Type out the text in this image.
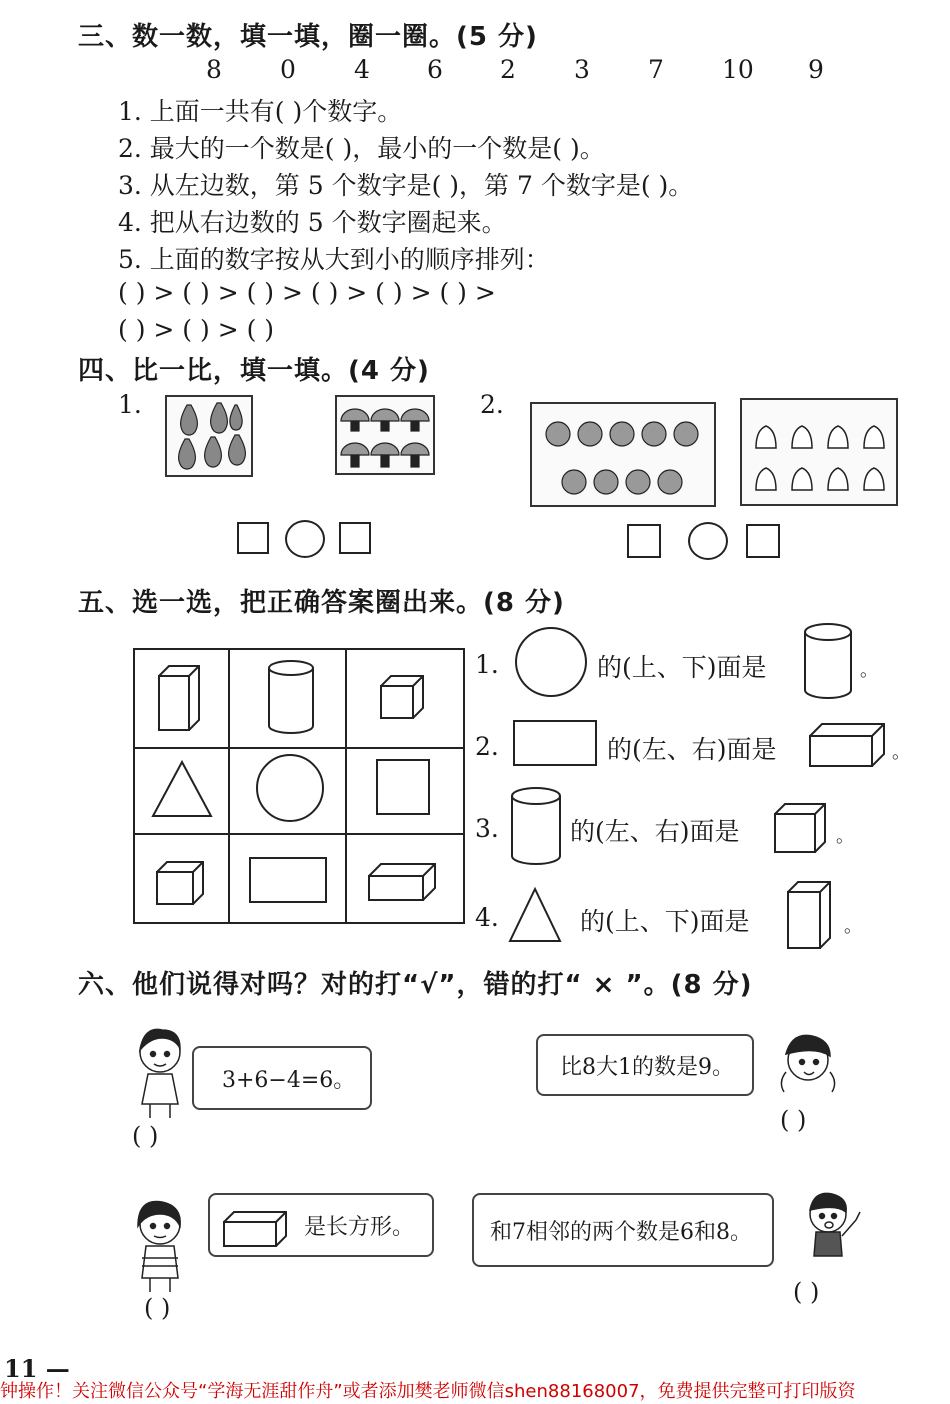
三、数一数，填一填，圈一圈。(5 分)
8 0 4 6 2 3 7 10 9
1. 上面一共有( )个数字。
2. 最大的一个数是( )，最小的一个数是( )。
3. 从左边数，第 5 个数字是( )，第 7 个数字是( )。
4. 把从右边数的 5 个数字圈起来。
5. 上面的数字按从大到小的顺序排列：
( ) > ( ) > ( ) > ( ) > ( ) > ( ) >
( ) > ( ) > ( )
四、比一比，填一填。(4 分)
1.	2.
五、选一选，把正确答案圈出来。(8 分)
1.	的(上、下)面是	。
2.	的(左、右)面是	。
3.	的(左、右)面是	。
4.	的(上、下)面是	。
六、他们说得对吗？对的打“√”，错的打“ × ”。(8 分)
3+6−4=6。
( )
比8大1的数是9。
( )
是长方形。
( )
和7相邻的两个数是6和8。
( )
11 —
钟操作！关注微信公众号“学海无涯甜作舟”或者添加樊老师微信shen88168007，免费提供完整可打印版资
